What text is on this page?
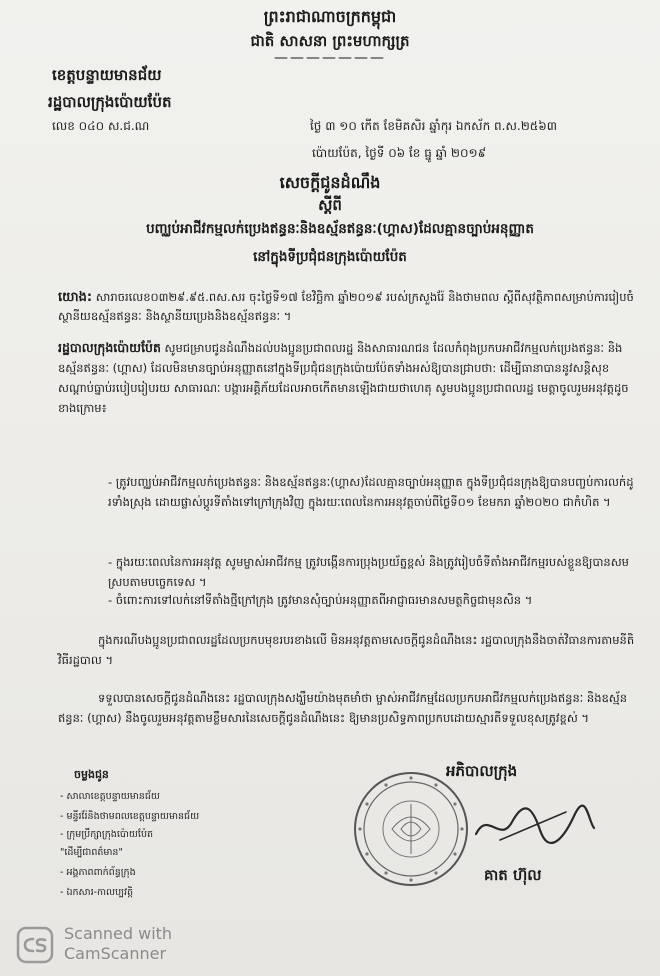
ព្រះរាជាណាចក្រកម្ពុជា
ជាតិ សាសនា ព្រះមហាក្សត្រ
———————
ខេត្តបន្ទាយមានជ័យ
រដ្ឋបាលក្រុងប៉ោយប៉ែត
លេខ ០៤០ ស.ជ.ណ	ថ្ងៃ ៣ ១០ កើត ខែមិគសិរ ឆ្នាំកុរ ឯកស័ក ព.ស.២៥៦៣
ប៉ោយប៉ែត, ថ្ងៃទី ០៦ ខែ ធ្នូ ឆ្នាំ ២០១៩
សេចក្តីជូនដំណឹង
ស្តីពី
បញ្ឈប់អាជីវកម្មលក់ប្រេងឥន្ធនៈនិងឧស្ម័នឥន្ធនៈ(ហ្គាស)ដែលគ្មានច្បាប់អនុញ្ញាត
នៅក្នុងទីប្រជុំជនក្រុងប៉ោយប៉ែត
យោង: សារាចរលេខ០៣២៩.៩៥.ពស.សរ ចុះថ្ងៃទី១៧ ខែវិច្ឆិកា ឆ្នាំ២០១៩ របស់ក្រសួងរ៉ែ និងថាមពល ស្តីពីសុវត្ថិភាពសម្រាប់ការរៀបចំស្ថានីយឧស្ម័នឥន្ធនៈ និងស្ថានីយប្រេងនិងឧស្ម័នឥន្ធនៈ ។
រដ្ឋបាលក្រុងប៉ោយប៉ែត សូមជម្រាបជូនដំណឹងដល់បងប្អូនប្រជាពលរដ្ឋ និងសាធារណជន ដែលកំពុងប្រកបអាជីវកម្មលក់ប្រេងឥន្ធនៈ និងឧស្ម័នឥន្ធនៈ (ហ្គាស) ដែលមិនមានច្បាប់អនុញ្ញាតនៅក្នុងទីប្រជុំជនក្រុងប៉ោយប៉ែតទាំងអស់ឱ្យបានជ្រាបថា: ដើម្បីធានាបាននូវសន្តិសុខ សណ្តាប់ធ្នាប់របៀបរៀបរយ សាធារណៈ បង្ការអគ្គិភ័យដែលអាចកើតមានឡើងជាយថាហេតុ សូមបងប្អូនប្រជាពលរដ្ឋ មេត្តាចូលរួមអនុវត្តដូចខាងក្រោម៖
- ត្រូវបញ្ឈប់អាជីវកម្មលក់ប្រេងឥន្ធនៈ និងឧស្ម័នឥន្ធនៈ(ហ្គាស)ដែលគ្មានច្បាប់អនុញ្ញាត ក្នុងទីប្រជុំជនក្រុងឱ្យបានបញ្ចប់ការលក់ដូរទាំងស្រុង ដោយផ្លាស់ប្តូរទីតាំងទៅក្រៅក្រុងវិញ ក្នុងរយៈពេលនៃការអនុវត្តចាប់ពីថ្ងៃទី០១ ខែមករា ឆ្នាំ២០២០ ជាកំហិត ។
- ក្នុងរយៈពេលនៃការអនុវត្ត សូមម្ចាស់អាជីវកម្ម ត្រូវបង្កើនការប្រុងប្រយ័ត្នខ្ពស់ និងត្រូវរៀបចំទីតាំងអាជីវកម្មរបស់ខ្លួនឱ្យបានសមស្របតាមបច្ចេកទេស ។
- ចំពោះការទៅលក់នៅទីតាំងថ្មីក្រៅក្រុង ត្រូវមានសុំច្បាប់អនុញ្ញាតពីអាជ្ញាធរមានសមត្ថកិច្ចជាមុនសិន ។
ក្នុងករណីបងប្អូនប្រជាពលរដ្ឋដែលប្រកបមុខរបរខាងលើ មិនអនុវត្តតាមសេចក្តីជូនដំណឹងនេះ រដ្ឋបាលក្រុងនឹងចាត់វិធានការតាមនីតិវិធីរដ្ឋបាល ។
ទទួលបានសេចក្តីជូនដំណឹងនេះ រដ្ឋបាលក្រុងសង្ឃឹមយ៉ាងមុតមាំថា ម្ចាស់អាជីវកម្មដែលប្រកបអាជីវកម្មលក់ប្រេងឥន្ធនៈ និងឧស្ម័នឥន្ធនៈ (ហ្គាស) នឹងចូលរួមអនុវត្តតាមខ្លឹមសារនៃសេចក្តីជូនដំណឹងនេះ ឱ្យមានប្រសិទ្ធភាពប្រកបដោយស្មារតីទទួលខុសត្រូវខ្ពស់ ។
ចម្លងជូន
- សាលាខេត្តបន្ទាយមានជ័យ
- មន្ទីររ៉ែនិងថាមពលខេត្តបន្ទាយមានជ័យ
- ក្រុមប្រឹក្សាក្រុងប៉ោយប៉ែត
"ដើម្បីជាពត៌មាន"
- អង្គភាពពាក់ព័ន្ធក្រុង
- ឯកសារ-កាលប្បវត្តិ
អភិបាលក្រុង
គាត ហ៊ុល
Scanned with
CamScanner
